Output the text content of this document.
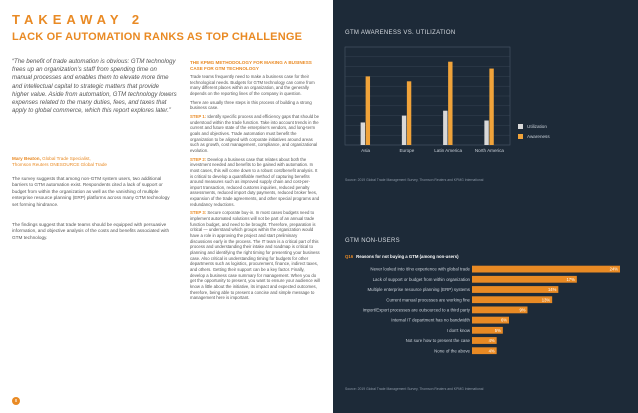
TAKEAWAY 2
LACK OF AUTOMATION RANKS AS TOP CHALLENGE
“The benefit of trade automation is obvious: GTM technology frees up an organization’s staff from spending time on manual processes and enables them to elevate more time and intellectual capital to strategic matters that provide higher value. Aside from automation, GTM technology lowers expenses related to the many duties, fees, and taxes that apply to global commerce, which this report explores later.”
Mary Beaton, Global Trade Specialist,
Thomson Reuters ONESOURCE Global Trade
The survey suggests that among non-GTM system users, two additional barriers to GTM automation exist. Respondents cited a lack of support or budget from within the organization as well as the vanishing of multiple enterprise resource planning (ERP) platforms across many GTM technology set forming hindrance.
The findings suggest that trade teams should be equipped with persuasive information, and objective analysis of the costs and benefits associated with GTM technology.
THE KPMG METHODOLOGY FOR MAKING A BUSINESS CASE FOR GTM TECHNOLOGY

Trade teams frequently need to make a business case for their technological needs. Budgets for GTM technology can come from many different places within an organization, and the generally depends on the reporting lines of the company in question.

There are usually three steps in this process of building a strong business case.

STEP 1: Identify specific process and efficiency gaps that should be understood within the trade function. Take into account trends in the current and future state of the enterprise's vendors, and long-term goals and objectives. Trade automation must benefit the organization to be aligned with corporate initiatives around areas such as growth, cost management, compliance, and organizational evolution.

STEP 2: Develop a business case that relates about both the investment needed and benefits to be gained with automation. In most cases, this will come down to a robust cost/benefit analysis. It is critical to develop a quantifiable method of capturing benefits around measures such as improved supply chain and cost-per-import transaction, reduced customs inquiries, reduced penalty assessments, reduced import duty payments, reduced broker fees, expansion of the trade agreements, and other special programs and redundancy reductions.

STEP 3: Secure corporate buy-in. In most cases budgets need to implement automated solutions will not be part of an annual trade function budget, and need to be brought. Therefore, preparation is critical — understand which groups within the organization would have a role in approving the project and start preliminary discussions early in the process. The IT team is a critical part of this process and understanding their intake and roadmap is critical to planning and identifying the right timing for presenting your business case. Also critical is understanding timing for budgets for other departments such as logistics, procurement, finance, indirect taxes, and others. Getting their support can be a key factor. Finally, develop a business case summary for management. When you do get the opportunity to present, you want to ensure your audience will know a little about the initiative, its impact and expected outcomes, therefore, being able to present a concise and simple message to management here is important.

8
GTM AWARENESS VS. UTILIZATION
Source: 2019 Global Trade Management Survey, Thomson Reuters and KPMG International
GTM NON-USERS
Q16 Reasons for not buying a GTM (among non-users)
Source: 2019 Global Trade Management Survey, Thomson Reuters and KPMG International
Asia	Europe	Latin America	North America
Utilization
Awareness
Never looked into it/no experience with global trade	24%
Lack of support or budget from within organization	17%
Multiple enterprise resource planning (ERP) systems	14%
Current manual processes are working fine	13%
Import/Export processes are outsourced to a third party	9%
Internal IT department has no bandwidth	6%
I don't know	5%
Not sure how to present the case	4%
None of the above	4%
